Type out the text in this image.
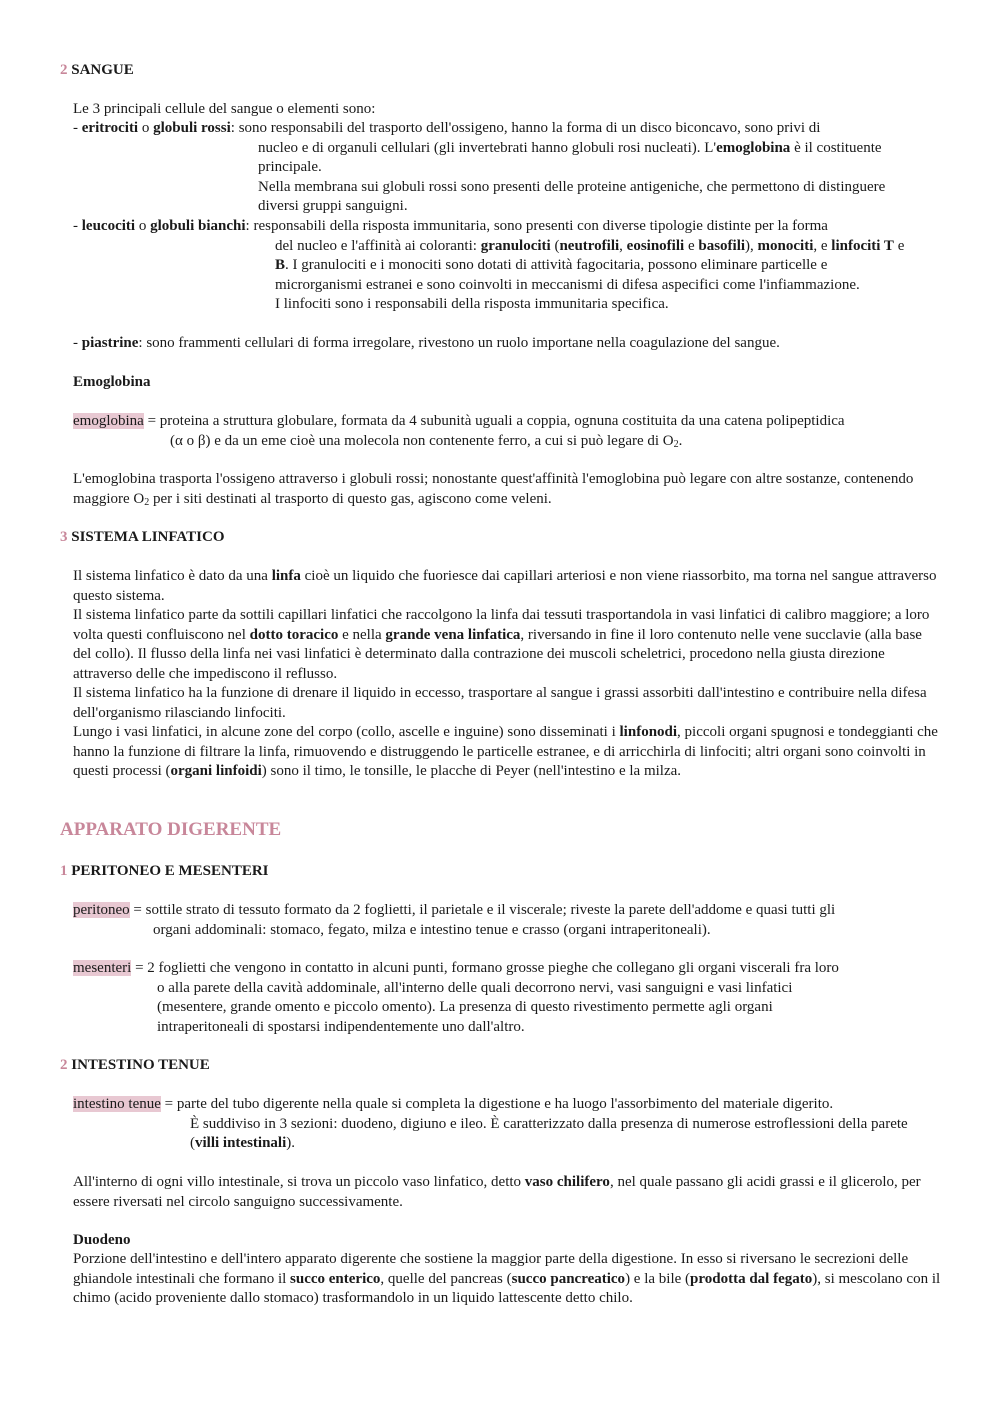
2 SANGUE

Le 3 principali cellule del sangue o elementi sono:

- eritrociti o globuli rossi: sono responsabili del trasporto dell'ossigeno, hanno la forma di un disco biconcavo, sono privi di
nucleo e di organuli cellulari (gli invertebrati hanno globuli rosi nucleati). L'emoglobina è il costituente principale.
Nella membrana sui globuli rossi sono presenti delle proteine antigeniche, che permettono di distinguere diversi gruppi sanguigni.
- leucociti o globuli bianchi: responsabili della risposta immunitaria, sono presenti con diverse tipologie distinte per la forma
del nucleo e l'affinità ai coloranti: granulociti (neutrofili, eosinofili e basofili), monociti, e linfociti T e B. I granulociti e i monociti sono dotati di attività fagocitaria, possono eliminare particelle e microrganismi estranei e sono coinvolti in meccanismi di difesa aspecifici come l'infiammazione.
I linfociti sono i responsabili della risposta immunitaria specifica.
- piastrine: sono frammenti cellulari di forma irregolare, rivestono un ruolo importane nella coagulazione del sangue.
Emoglobina
emoglobina = proteina a struttura globulare, formata da 4 subunità uguali a coppia, ognuna costituita da una catena polipeptidica
(α o β) e da un eme cioè una molecola non contenente ferro, a cui si può legare di $O_2$.

L'emoglobina trasporta l'ossigeno attraverso i globuli rossi; nonostante quest'affinità l'emoglobina può legare con altre sostanze, contenendo maggiore $O_2$ per i siti destinati al trasporto di questo gas, agiscono come veleni.

3 SISTEMA LINFATICO
Il sistema linfatico è dato da una linfa cioè un liquido che fuoriesce dai capillari arteriosi e non viene riassorbito, ma torna nel sangue attraverso questo sistema.
Il sistema linfatico parte da sottili capillari linfatici che raccolgono la linfa dai tessuti trasportandola in vasi linfatici di calibro maggiore; a loro volta questi confluiscono nel dotto toracico e nella grande vena linfatica, riversando in fine il loro contenuto nelle vene succlavie (alla base del collo). Il flusso della linfa nei vasi linfatici è determinato dalla contrazione dei muscoli scheletrici, procedono nella giusta direzione attraverso delle che impediscono il reflusso.
Il sistema linfatico ha la funzione di drenare il liquido in eccesso, trasportare al sangue i grassi assorbiti dall'intestino e contribuire nella difesa dell'organismo rilasciando linfociti.
Lungo i vasi linfatici, in alcune zone del corpo (collo, ascelle e inguine) sono disseminati i linfonodi, piccoli organi spugnosi e tondeggianti che hanno la funzione di filtrare la linfa, rimuovendo e distruggendo le particelle estranee, e di arricchirla di linfociti; altri organi sono coinvolti in questi processi (organi linfoidi) sono il timo, le tonsille, le placche di Peyer (nell'intestino e la milza.
APPARATO DIGERENTE
1 PERITONEO E MESENTERI
peritoneo = sottile strato di tessuto formato da 2 foglietti, il parietale e il viscerale; riveste la parete dell'addome e quasi tutti gli
organi addominali: stomaco, fegato, milza e intestino tenue e crasso (organi intraperitoneali).
mesenteri = 2 foglietti che vengono in contatto in alcuni punti, formano grosse pieghe che collegano gli organi viscerali fra loro
o alla parete della cavità addominale, all'interno delle quali decorrono nervi, vasi sanguigni e vasi linfatici (mesentere, grande omento e piccolo omento). La presenza di questo rivestimento permette agli organi intraperitoneali di spostarsi indipendentemente uno dall'altro.
2 INTESTINO TENUE
intestino tenue = parte del tubo digerente nella quale si completa la digestione e ha luogo l'assorbimento del materiale digerito.
È suddiviso in 3 sezioni: duodeno, digiuno e ileo. È caratterizzato dalla presenza di numerose estroflessioni della parete (villi intestinali).

All'interno di ogni villo intestinale, si trova un piccolo vaso linfatico, detto vaso chilifero, nel quale passano gli acidi grassi e il glicerolo, per essere riversati nel circolo sanguigno successivamente.

Duodeno

Porzione dell'intestino e dell'intero apparato digerente che sostiene la maggior parte della digestione. In esso si riversano le secrezioni delle ghiandole intestinali che formano il succo enterico, quelle del pancreas (succo pancreatico) e la bile (prodotta dal fegato), si mescolano con il chimo (acido proveniente dallo stomaco) trasformandolo in un liquido lattescente detto chilo.
